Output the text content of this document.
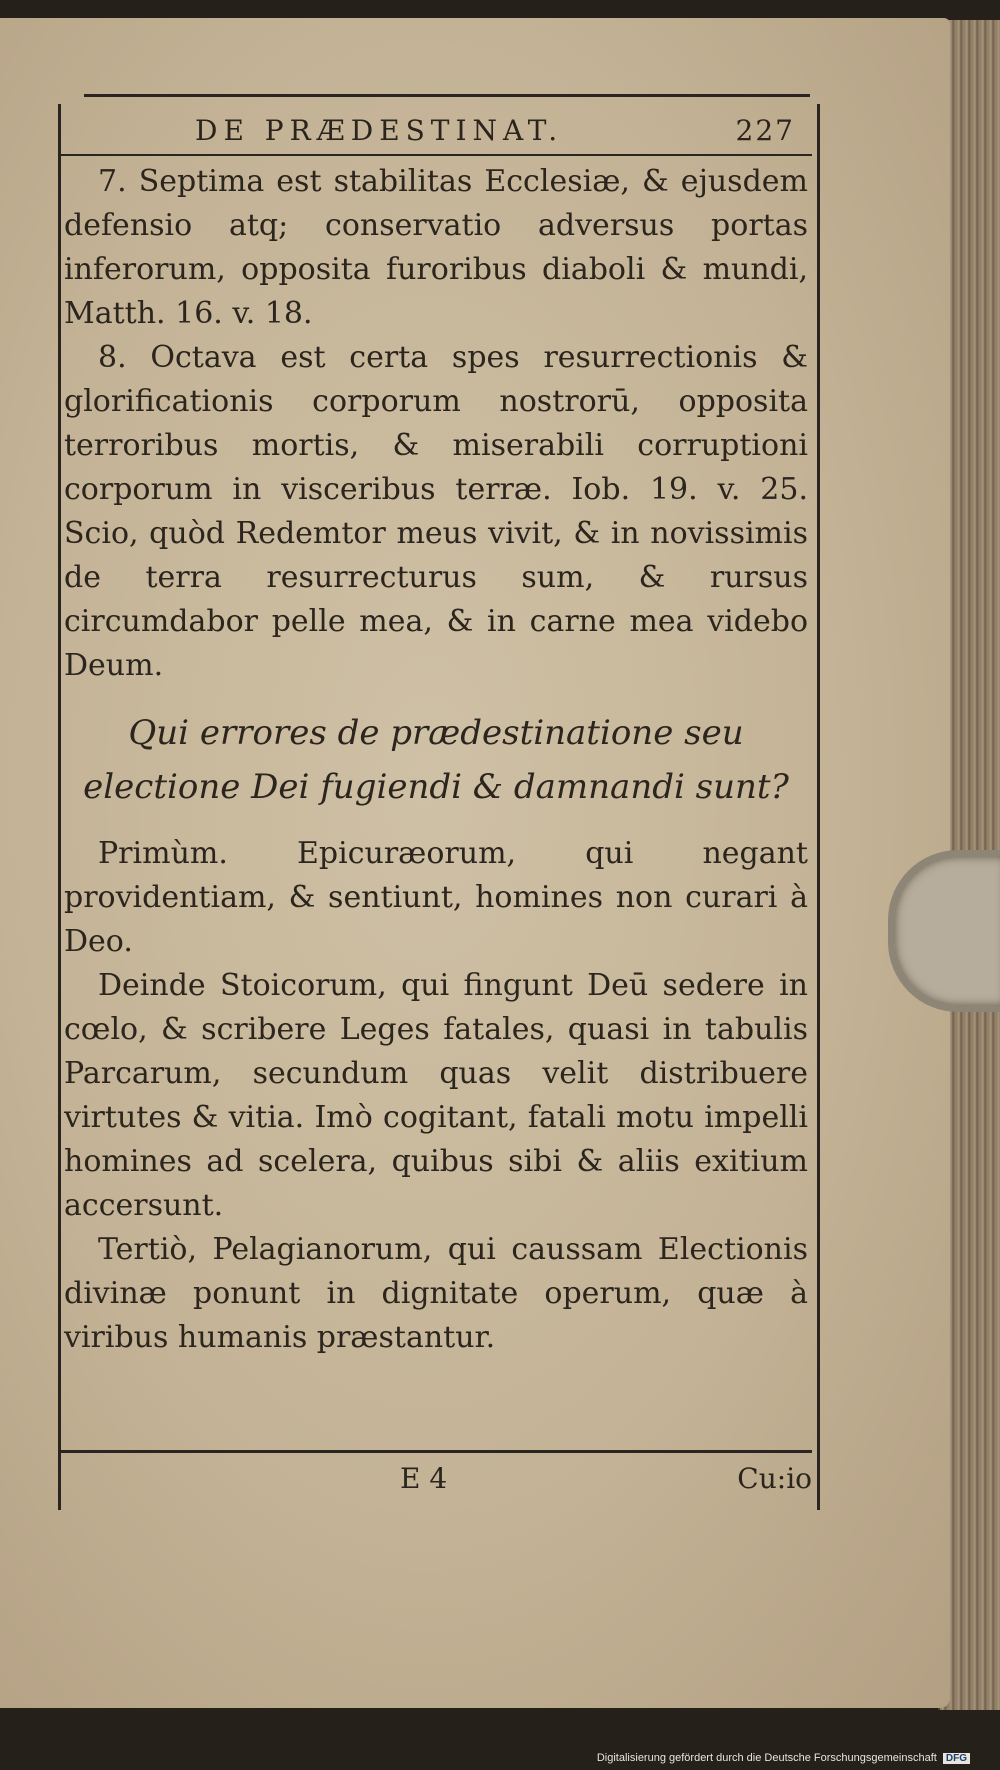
DE PRÆDESTINAT.	227

7. Septima est stabilitas Ecclesiæ, & ejusdem defensio atq; conservatio adversus portas inferorum, opposita furoribus diaboli & mundi, Matth. 16. v. 18.

8. Octava est certa spes resurrectionis & glorificationis corporum nostrorū, opposita terroribus mortis, & miserabili corruptioni corporum in visceribus terræ. Iob. 19. v. 25. Scio, quòd Redemtor meus vivit, & in novissimis de terra resurrecturus sum, & rursus circumdabor pelle mea, & in carne mea videbo Deum.

Qui errores de prædestinatione seu electione Dei fugiendi & damnandi sunt?

Primùm. Epicuræorum, qui negant providentiam, & sentiunt, homines non curari à Deo.

Deinde Stoicorum, qui fingunt Deū sedere in cœlo, & scribere Leges fatales, quasi in tabulis Parcarum, secundum quas velit distribuere virtutes & vitia. Imò cogitant, fatali motu impelli homines ad scelera, quibus sibi & aliis exitium accersunt.

Tertiò, Pelagianorum, qui caussam Electionis divinæ ponunt in dignitate operum, quæ à viribus humanis præstantur.

E 4	Cu:io
Digitalisierung gefördert durch die Deutsche Forschungsgemeinschaft DFG
